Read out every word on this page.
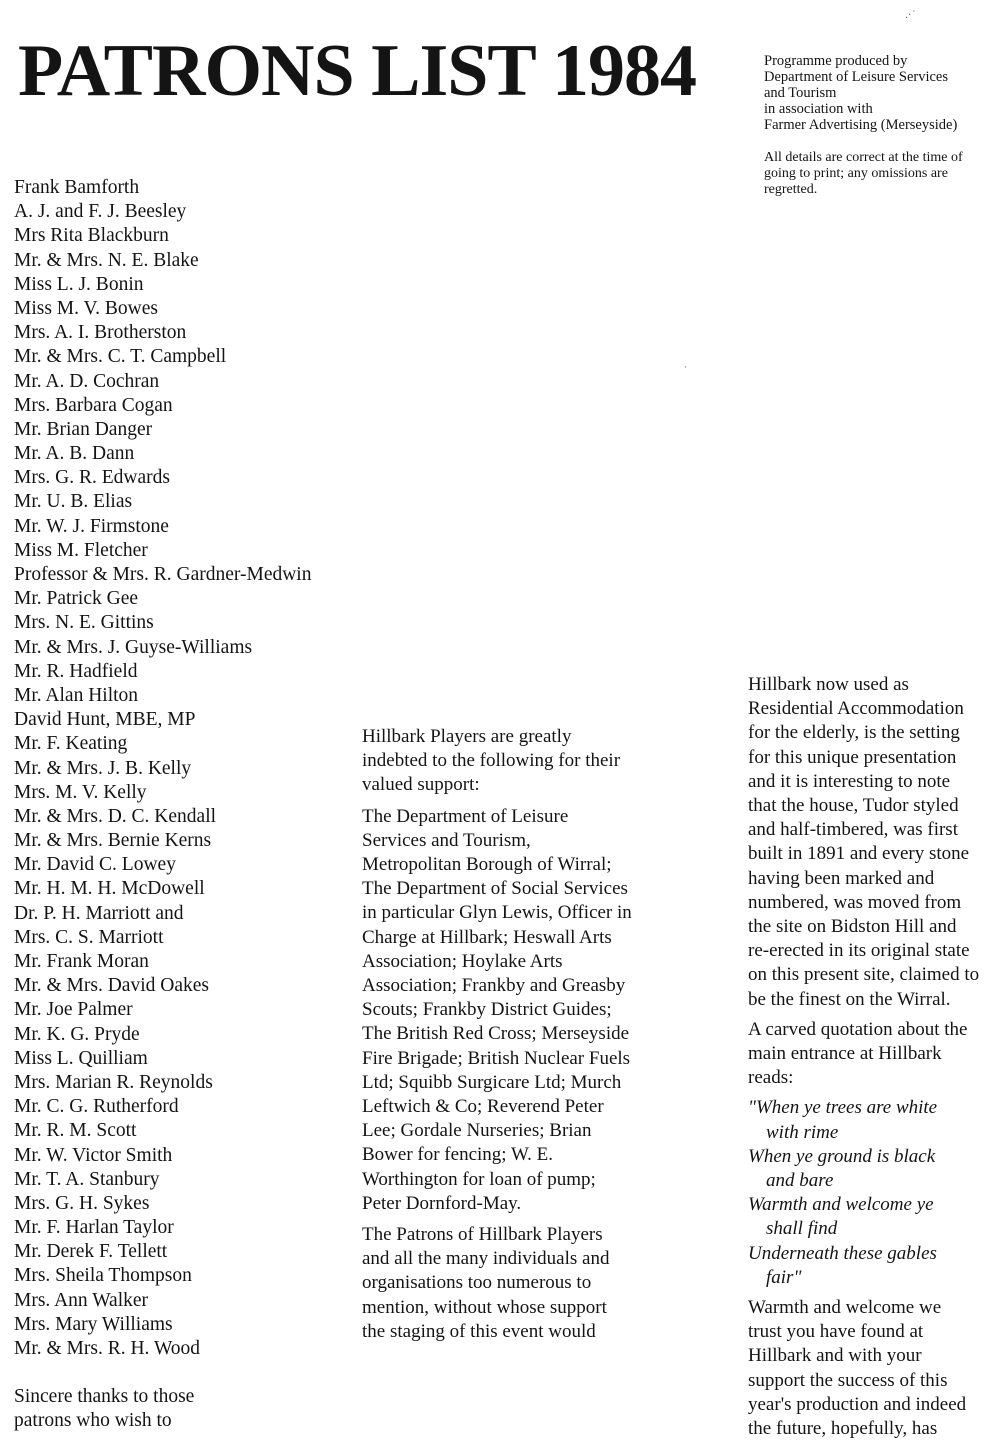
PATRONS LIST 1984	Programme produced by
Department of Leisure Services
and Tourism
in association with
Farmer Advertising (Merseyside)
All details are correct at the time of going to print; any omissions are regretted.
Frank Bamforth
A. J. and F. J. Beesley
Mrs Rita Blackburn
Mr. & Mrs. N. E. Blake
Miss L. J. Bonin
Miss M. V. Bowes
Mrs. A. I. Brotherston
Mr. & Mrs. C. T. Campbell
Mr. A. D. Cochran
Mrs. Barbara Cogan
Mr. Brian Danger
Mr. A. B. Dann
Mrs. G. R. Edwards
Mr. U. B. Elias
Mr. W. J. Firmstone
Miss M. Fletcher
Professor & Mrs. R. Gardner-Medwin
Mr. Patrick Gee
Mrs. N. E. Gittins
Mr. & Mrs. J. Guyse-Williams
Mr. R. Hadfield
Mr. Alan Hilton
David Hunt, MBE, MP
Mr. F. Keating
Mr. & Mrs. J. B. Kelly
Mrs. M. V. Kelly
Mr. & Mrs. D. C. Kendall
Mr. & Mrs. Bernie Kerns
Mr. David C. Lowey
Mr. H. M. H. McDowell
Dr. P. H. Marriott and
Mrs. C. S. Marriott
Mr. Frank Moran
Mr. & Mrs. David Oakes
Mr. Joe Palmer
Mr. K. G. Pryde
Miss L. Quilliam
Mrs. Marian R. Reynolds
Mr. C. G. Rutherford
Mr. R. M. Scott
Mr. W. Victor Smith
Mr. T. A. Stanbury
Mrs. G. H. Sykes
Mr. F. Harlan Taylor
Mr. Derek F. Tellett
Mrs. Sheila Thompson
Mrs. Ann Walker
Mrs. Mary Williams
Mr. & Mrs. R. H. Wood
Sincere thanks to those patrons who wish to

Hillbark Players are greatly indebted to the following for their valued support:

The Department of Leisure Services and Tourism, Metropolitan Borough of Wirral; The Department of Social Services in particular Glyn Lewis, Officer in Charge at Hillbark; Heswall Arts Association; Hoylake Arts Association; Frankby and Greasby Scouts; Frankby District Guides; The British Red Cross; Merseyside Fire Brigade; British Nuclear Fuels Ltd; Squibb Surgicare Ltd; Murch Leftwich & Co; Reverend Peter Lee; Gordale Nurseries; Brian Bower for fencing; W. E. Worthington for loan of pump; Peter Dornford-May.

The Patrons of Hillbark Players and all the many individuals and organisations too numerous to mention, without whose support the staging of this event would

Hillbark now used as
Residential Accommodation
for the elderly, is the setting
for this unique presentation
and it is interesting to note
that the house, Tudor styled
and half-timbered, was first
built in 1891 and every stone
having been marked and
numbered, was moved from
the site on Bidston Hill and
re-erected in its original state
on this present site, claimed to
be the finest on the Wirral.

A carved quotation about the
main entrance at Hillbark
reads:

"When ye trees are white
with rime
When ye ground is black
and bare
Warmth and welcome ye
shall find
Underneath these gables
fair"

Warmth and welcome we
trust you have found at
Hillbark and with your
support the success of this
year's production and indeed
the future, hopefully, has

.·˙
˙
